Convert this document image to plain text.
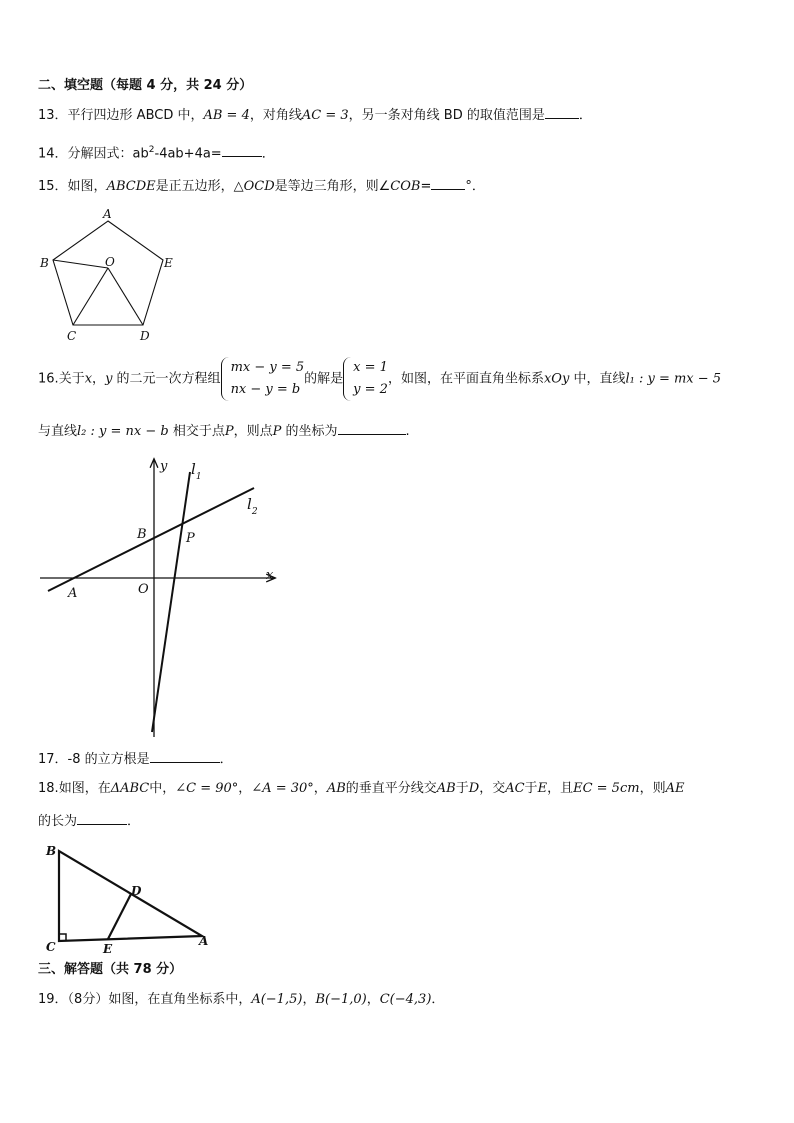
二、填空题（每题 4 分，共 24 分）
13．平行四边形 ABCD 中，AB = 4，对角线AC = 3，另一条对角线 BD 的取值范围是	．
14．分解因式：$ab^2-4ab+4a=$	．
15．如图，ABCDE是正五边形，△OCD是等边三角形，则∠COB=	°．
A
B	O	E
C	D
16.关于x，y 的二元一次方程组
mx − y = 5
nx − y = b
的解是
x = 1
y = 2
，如图，在平面直角坐标系xOy 中，直线l₁ : y = mx − 5
与直线l₂ : y = nx − b 相交于点P，则点P 的坐标为	.
y
x
O
A
B	P
$l_1$
$l_2$
17．-8 的立方根是	．
18.如图，在ΔABC中，∠C = 90°，∠A = 30°，AB的垂直平分线交AB于D，交AC于E，且EC = 5cm，则AE
的长为	．
B
C	E
D
A
三、解答题（共 78 分）
19．（8分）如图，在直角坐标系中，A(−1,5)，B(−1,0)，C(−4,3)．
